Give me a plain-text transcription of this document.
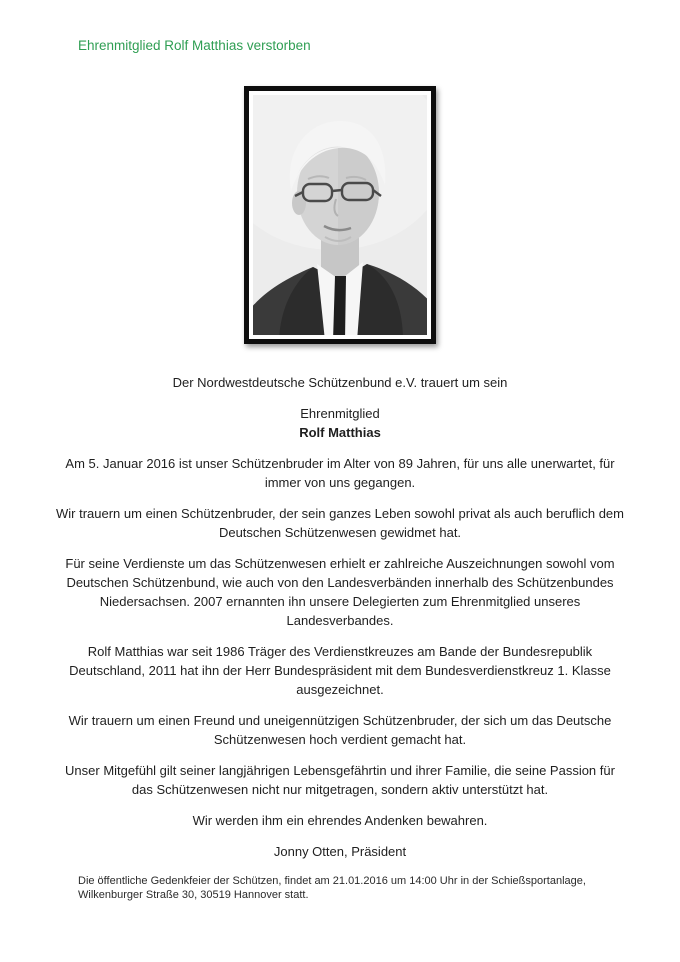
Ehrenmitglied Rolf Matthias verstorben

Der Nordwestdeutsche Schützenbund e.V. trauert um sein

Ehrenmitglied

Rolf Matthias

Am 5. Januar 2016 ist unser Schützenbruder im Alter von 89 Jahren, für uns alle unerwartet, für immer von uns gegangen.

Wir trauern um einen Schützenbruder, der sein ganzes Leben sowohl privat als auch beruflich dem Deutschen Schützenwesen gewidmet hat.

Für seine Verdienste um das Schützenwesen erhielt er zahlreiche Auszeichnungen sowohl vom Deutschen Schützenbund, wie auch von den Landesverbänden innerhalb des Schützenbundes Niedersachsen. 2007 ernannten ihn unsere Delegierten zum Ehrenmitglied unseres Landesverbandes.

Rolf Matthias war seit 1986 Träger des Verdienstkreuzes am Bande der Bundesrepublik Deutschland, 2011 hat ihn der Herr Bundespräsident mit dem Bundesverdienstkreuz 1. Klasse ausgezeichnet.

Wir trauern um einen Freund und uneigennützigen Schützenbruder, der sich um das Deutsche Schützenwesen hoch verdient gemacht hat.

Unser Mitgefühl gilt seiner langjährigen Lebensgefährtin und ihrer Familie, die seine Passion für das Schützenwesen nicht nur mitgetragen, sondern aktiv unterstützt hat.

Wir werden ihm ein ehrendes Andenken bewahren.

Jonny Otten, Präsident

Die öffentliche Gedenkfeier der Schützen, findet am 21.01.2016 um 14:00 Uhr in der Schießsportanlage, Wilkenburger Straße 30, 30519 Hannover statt.
